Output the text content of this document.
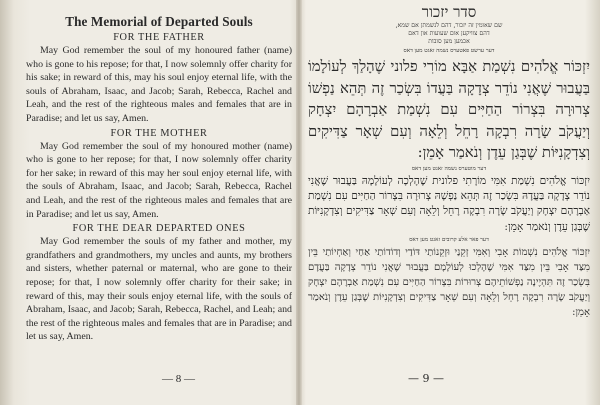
The Memorial of Departed Souls
FOR THE FATHER

May God remember the soul of my honoured father (name) who is gone to his repose; for that, I now solemnly offer charity for his sake; in reward of this, may his soul enjoy eternal life, with the souls of Abraham, Isaac, and Jacob; Sarah, Rebecca, Rachel and Leah, and the rest of the righteous males and females that are in Paradise; and let us say, Amen.

FOR THE MOTHER

May God remember the soul of my honoured mother (name) who is gone to her repose; for that, I now solemnly offer charity for her sake; in reward of this may her soul enjoy eternal life, with the souls of Abraham, Isaac, and Jacob; Sarah, Rebecca, Rachel and Leah, and the rest of the righteous males and females that are in Paradise; and let us say, Amen.

FOR THE DEAR DEPARTED ONES

May God remember the souls of my father and mother, my grandfathers and grandmothers, my uncles and aunts, my brothers and sisters, whether paternal or maternal, who are gone to their repose; for that, I now solemnly offer charity for their sake; in reward of this, may their souls enjoy eternal life, with the souls of Abraham, Isaac, and Jacob; Sarah, Rebecca, Rachel, and Leah; and the rest of the righteous males and females that are in Paradise; and let us say, Amen.

— 8 —
סדר יזכור

שם שאומין זה יזכור, דהם לנשמתן אם שמא,

דהם צוויקען אום שעועות און דאם

אכמען מען סובות

דער ערשט פאטערס נשמה זאגט מען דאס

יִזְכּוֹר אֱלֹהִים נִשְׁמַת אַבָּא מוֹרִי פלוני שֶׁהָלַךְ לְעוֹלָמוֹ בַּעֲבוּר שֶׁאֲנִי נוֹדֵר צְדָקָה בַּעֲדוֹ בִּשְׂכַר זֶה תְּהֵא נַפְשׁוֹ צְרוּרָה בִּצְרוֹר הַחַיִּים עִם נִשְׁמַת אַבְרָהָם יִצְחָק וְיַעֲקֹב שָׂרָה רִבְקָה רָחֵל וְלֵאָה וְעִם שְׁאָר צַדִּיקִים וְצִדְקָנִיּוֹת שֶׁבְּגַן עֵדֶן וְנֹאמַר אָמֵן:

דער מוטערס נשמה זאגט מען דאס

יִזְכּוֹר אֱלֹהִים נִשְׁמַת אִמִּי מוֹרָתִי פלונית שֶׁהָלְכָה לְעוֹלָמָהּ בַּעֲבוּר שֶׁאֲנִי נוֹדֵר צְדָקָה בַּעֲדָהּ בִּשְׂכַר זֶה תְּהֵא נַפְשָׁהּ צְרוּרָה בִּצְרוֹר הַחַיִּים עִם נִשְׁמַת אַבְרָהָם יִצְחָק וְיַעֲקֹב שָׂרָה רִבְקָה רָחֵל וְלֵאָה וְעִם שְׁאָר צַדִּיקִים וְצִדְקָנִיּוֹת שֶׁבְּגַן עֵדֶן וְנֹאמַר אָמֵן:

דער פאר אלע קרובים זאגט מען דאס

יִזְכּוֹר אֱלֹהִים נִשְׁמוֹת אָבִי וְאִמִּי זְקֵנַי וּזְקֵנוֹתַי דּוֹדַי וְדוֹדוֹתַי אַחַי וְאַחְיוֹתַי בֵּין מִצַּד אָבִי בֵּין מִצַּד אִמִּי שֶׁהָלְכוּ לְעוֹלָמָם בַּעֲבוּר שֶׁאֲנִי נוֹדֵר צְדָקָה בַּעֲדָם בִּשְׂכַר זֶה תִּהְיֶינָה נַפְשׁוֹתֵיהֶם צְרוּרוֹת בִּצְרוֹר הַחַיִּים עִם נִשְׁמַת אַבְרָהָם יִצְחָק וְיַעֲקֹב שָׂרָה רִבְקָה רָחֵל וְלֵאָה וְעִם שְׁאָר צַדִּיקִים וְצִדְקָנִיּוֹת שֶׁבְּגַן עֵדֶן וְנֹאמַר אָמֵן:

— 9 —
